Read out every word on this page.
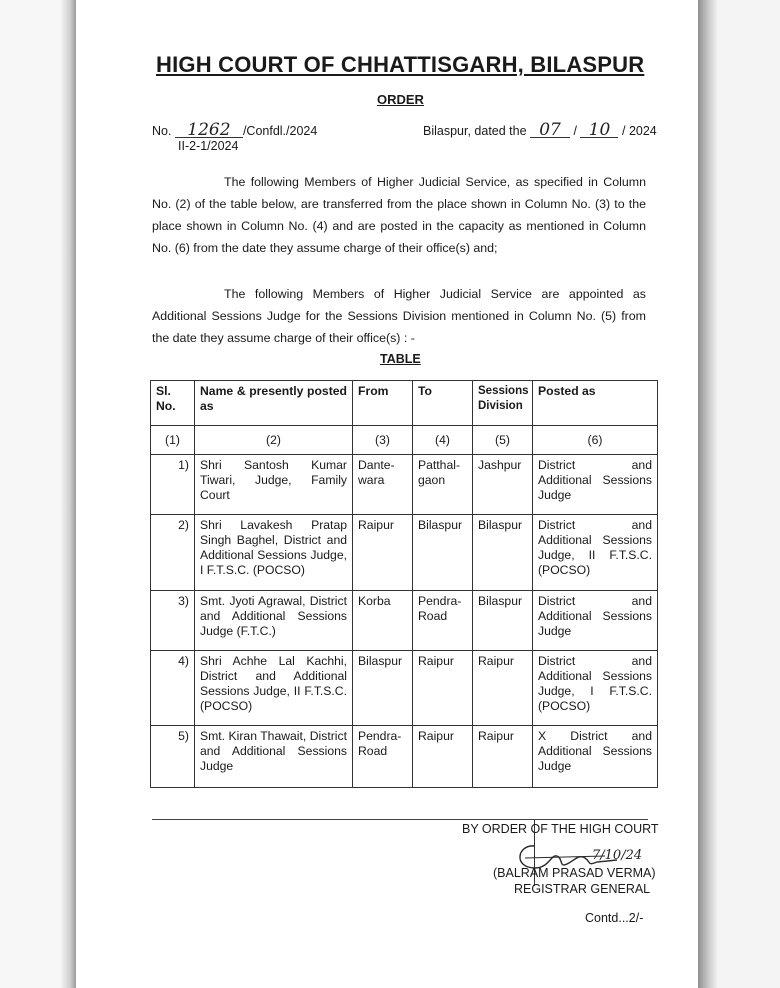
HIGH COURT OF CHHATTISGARH, BILASPUR
ORDER
No. 1262 /Confdl./2024
II-2-1/2024
Bilaspur, dated the 07 / 10 / 2024
The following Members of Higher Judicial Service, as specified in Column No. (2) of the table below, are transferred from the place shown in Column No. (3) to the place shown in Column No. (4) and are posted in the capacity as mentioned in Column No. (6) from the date they assume charge of their office(s) and;
The following Members of Higher Judicial Service are appointed as Additional Sessions Judge for the Sessions Division mentioned in Column No. (5) from the date they assume charge of their office(s) : -
TABLE
Sl. No.	Name & presently posted as	From	To	Sessions Division	Posted as
(1)	(2)	(3)	(4)	(5)	(6)
1)	Shri Santosh Kumar Tiwari, Judge, Family Court	Dante-wara	Patthal-gaon	Jashpur	District and Additional Sessions Judge
2)	Shri Lavakesh Pratap Singh Baghel, District and Additional Sessions Judge, I F.T.S.C. (POCSO)	Raipur	Bilaspur	Bilaspur	District and Additional Sessions Judge, II F.T.S.C. (POCSO)
3)	Smt. Jyoti Agrawal, District and Additional Sessions Judge (F.T.C.)	Korba	Pendra-Road	Bilaspur	District and Additional Sessions Judge
4)	Shri Achhe Lal Kachhi, District and Additional Sessions Judge, II F.T.S.C. (POCSO)	Bilaspur	Raipur	Raipur	District and Additional Sessions Judge, I F.T.S.C. (POCSO)
5)	Smt. Kiran Thawait, District and Additional Sessions Judge	Pendra-Road	Raipur	Raipur	X District and Additional Sessions Judge
BY ORDER OF THE HIGH COURT
7/10/24
(BALRAM PRASAD VERMA)
REGISTRAR GENERAL
Contd...2/-
